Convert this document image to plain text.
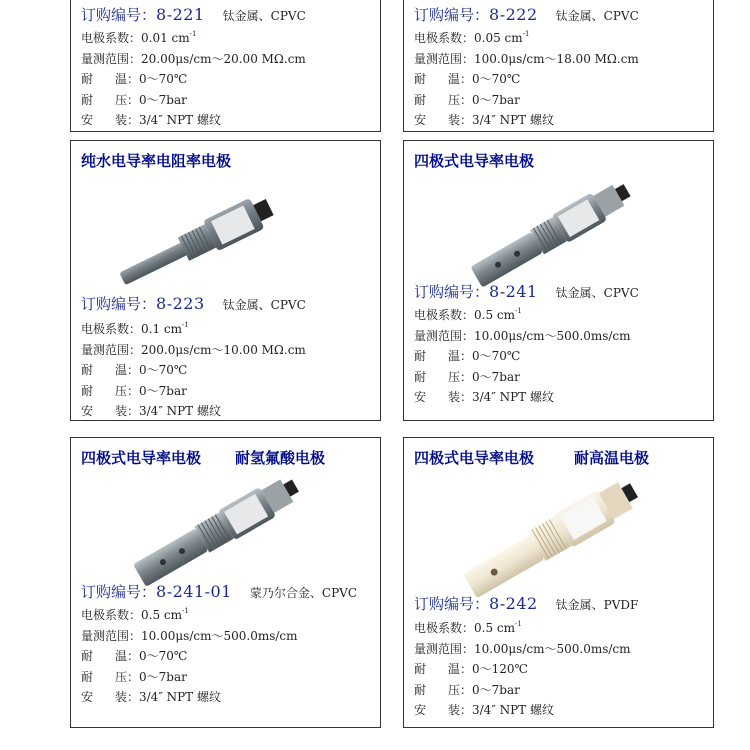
订购编号：8-221 钛金属、CPVC
电极系数：0.01 $cm^{-1}$
量测范围：20.00μs/cm～20.00 MΩ.cm
耐 温：0～70℃
耐 压：0～7bar
安 装：3/4″ NPT 螺纹
订购编号：8-222 钛金属、CPVC
电极系数：0.05 $cm^{-1}$
量测范围：100.0μs/cm～18.00 MΩ.cm
耐 温：0～70℃
耐 压：0～7bar
安 装：3/4″ NPT 螺纹
纯水电导率电阻率电极
订购编号：8-223 钛金属、CPVC
电极系数：0.1 $cm^{-1}$
量测范围：200.0μs/cm～10.00 MΩ.cm
耐 温：0～70℃
耐 压：0～7bar
安 装：3/4″ NPT 螺纹
四极式电导率电极
订购编号：8-241 钛金属、CPVC
电极系数：0.5 $cm^{-1}$
量测范围：10.00μs/cm～500.0ms/cm
耐 温：0～70℃
耐 压：0～7bar
安 装：3/4″ NPT 螺纹
四极式电导率电极 耐氢氟酸电极
订购编号：8-241-01 蒙乃尔合金、CPVC
电极系数：0.5 $cm^{-1}$
量测范围：10.00μs/cm～500.0ms/cm
耐 温：0～70℃
耐 压：0～7bar
安 装：3/4″ NPT 螺纹
四极式电导率电极	耐高温电极
订购编号：8-242 钛金属、PVDF
电极系数：0.5 $cm^{-1}$
量测范围：10.00μs/cm～500.0ms/cm
耐 温：0～120℃
耐 压：0～7bar
安 装：3/4″ NPT 螺纹
